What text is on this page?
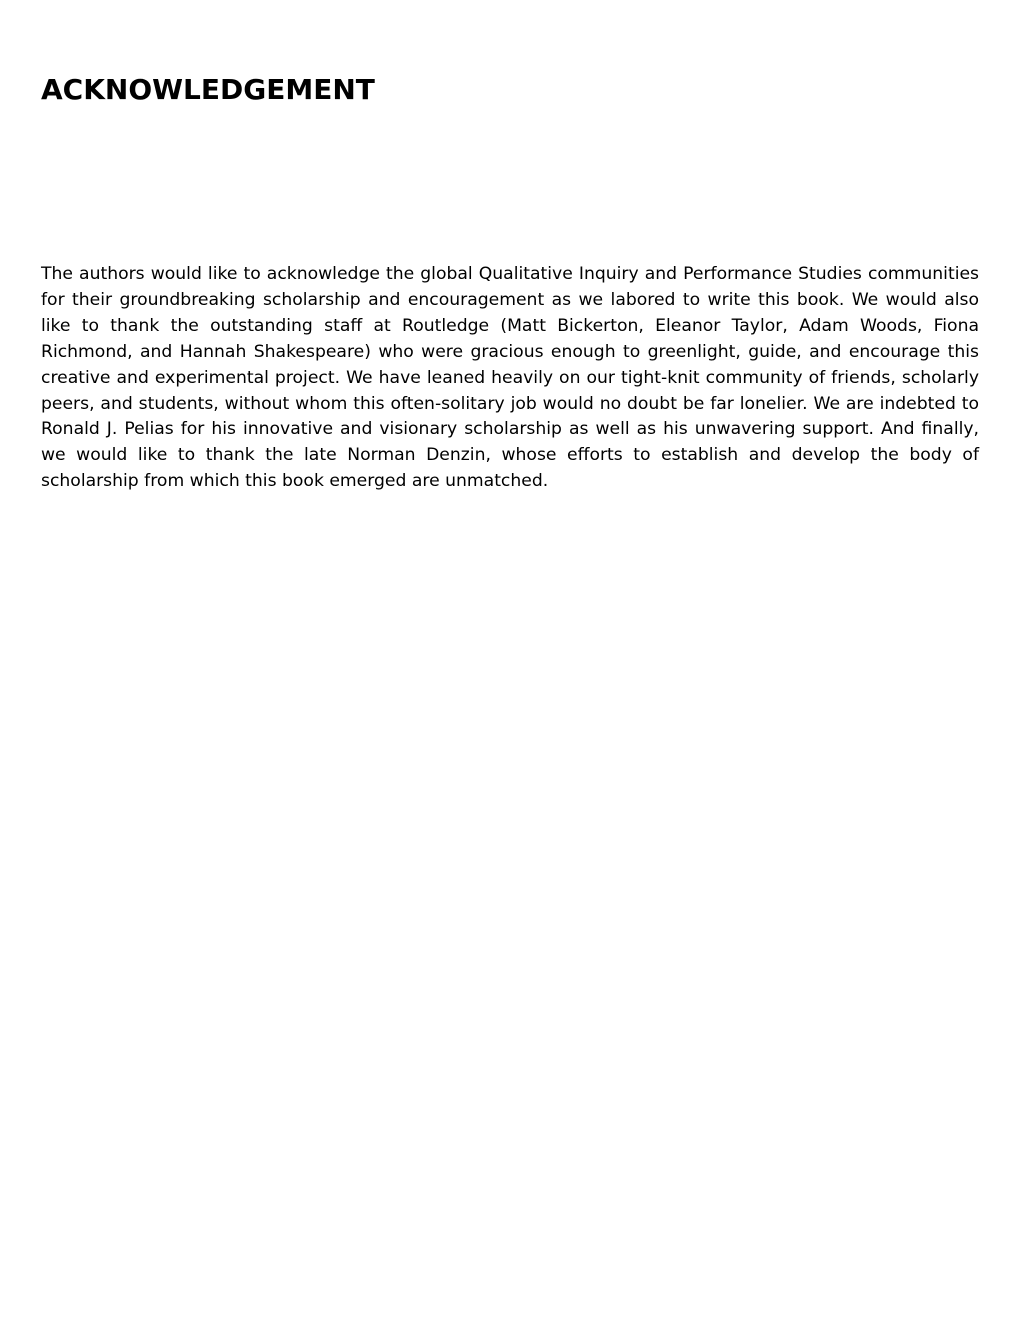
ACKNOWLEDGEMENT

The authors would like to acknowledge the global Qualitative Inquiry and Performance Studies communities for their groundbreaking scholarship and encouragement as we labored to write this book. We would also like to thank the outstanding staff at Routledge (Matt Bickerton, Eleanor Taylor, Adam Woods, Fiona Richmond, and Hannah Shakespeare) who were gracious enough to greenlight, guide, and encourage this creative and experimental project. We have leaned heavily on our tight-knit community of friends, scholarly peers, and students, without whom this often-solitary job would no doubt be far lonelier. We are indebted to Ronald J. Pelias for his innovative and visionary scholarship as well as his unwavering support. And finally, we would like to thank the late Norman Denzin, whose efforts to establish and develop the body of scholarship from which this book emerged are unmatched.
